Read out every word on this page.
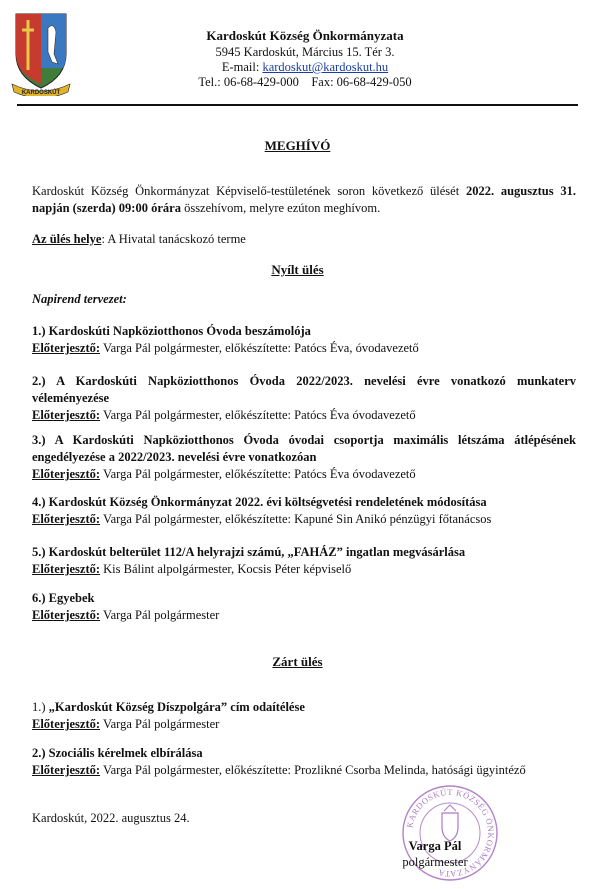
KARDOSKÚT
Kardoskút Község Önkormányzata
5945 Kardoskút, Március 15. Tér 3.
E-mail: kardoskut@kardoskut.hu
Tel.: 06-68-429-000 Fax: 06-68-429-050
MEGHÍVÓ
Kardoskút Község Önkormányzat Képviselő-testületének soron következő ülését 2022. augusztus 31. napján (szerda) 09:00 órára összehívom, melyre ezúton meghívom.
Az ülés helye: A Hivatal tanácskozó terme
Nyílt ülés
Napirend tervezet:
1.) Kardoskúti Napköziotthonos Óvoda beszámolója
Előterjesztő: Varga Pál polgármester, előkészítette: Patócs Éva, óvodavezető
2.) A Kardoskúti Napköziotthonos Óvoda 2022/2023. nevelési évre vonatkozó munkaterv véleményezése
Előterjesztő: Varga Pál polgármester, előkészítette: Patócs Éva óvodavezető
3.) A Kardoskúti Napköziotthonos Óvoda óvodai csoportja maximális létszáma átlépésének engedélyezése a 2022/2023. nevelési évre vonatkozóan
Előterjesztő: Varga Pál polgármester, előkészítette: Patócs Éva óvodavezető
4.) Kardoskút Község Önkormányzat 2022. évi költségvetési rendeletének módosítása
Előterjesztő: Varga Pál polgármester, előkészítette: Kapuné Sin Anikó pénzügyi főtanácsos
5.) Kardoskút belterület 112/A helyrajzi számú, „FAHÁZ” ingatlan megvásárlása
Előterjesztő: Kis Bálint alpolgármester, Kocsis Péter képviselő
6.) Egyebek
Előterjesztő: Varga Pál polgármester
Zárt ülés
1.) „Kardoskút Község Díszpolgára” cím odaítélése
Előterjesztő: Varga Pál polgármester
2.) Szociális kérelmek elbírálása
Előterjesztő: Varga Pál polgármester, előkészítette: Prozlikné Csorba Melinda, hatósági ügyintéző
Kardoskút, 2022. augusztus 24.	KARDOSKÚT KÖZSÉG ÖNKORMÁNYZATA
Varga Pál
polgármester
